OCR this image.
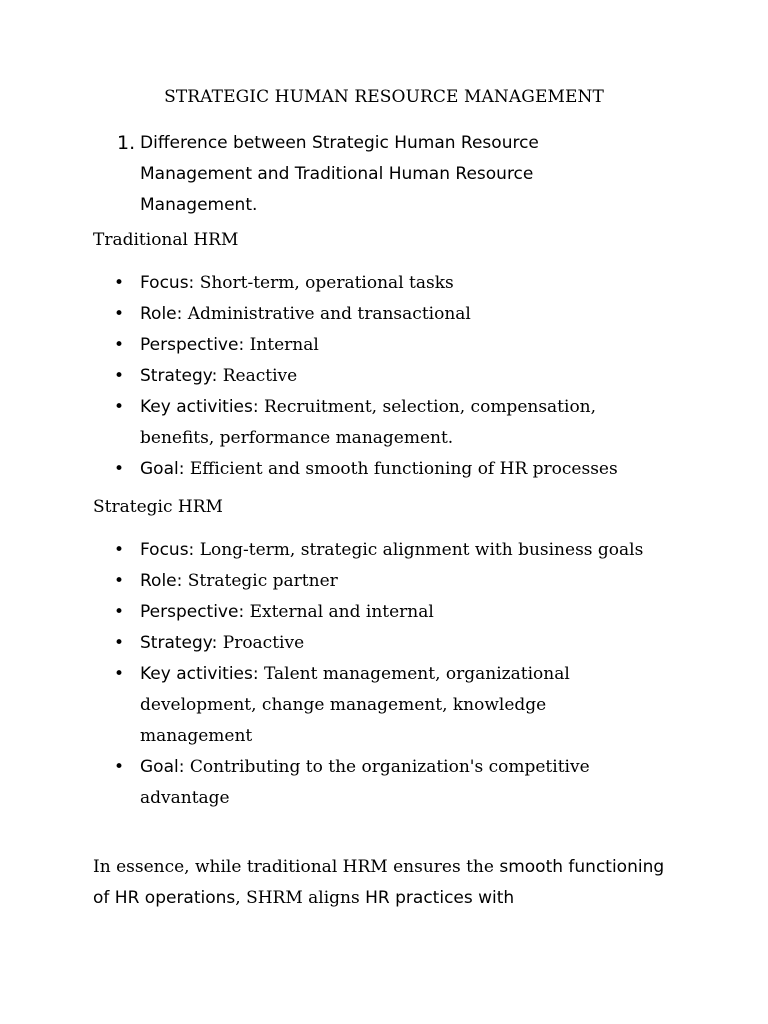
STRATEGIC HUMAN RESOURCE MANAGEMENT
1. Difference between Strategic Human Resource Management and Traditional Human Resource Management.
Traditional HRM
• Focus: Short-term, operational tasks
• Role: Administrative and transactional
• Perspective: Internal
• Strategy: Reactive
• Key activities: Recruitment, selection, compensation, benefits, performance management.
• Goal: Efficient and smooth functioning of HR processes
Strategic HRM
• Focus: Long-term, strategic alignment with business goals
• Role: Strategic partner
• Perspective: External and internal
• Strategy: Proactive
• Key activities: Talent management, organizational development, change management, knowledge management
• Goal: Contributing to the organization's competitive advantage
In essence, while traditional HRM ensures the smooth functioning of HR operations, SHRM aligns HR practices with
